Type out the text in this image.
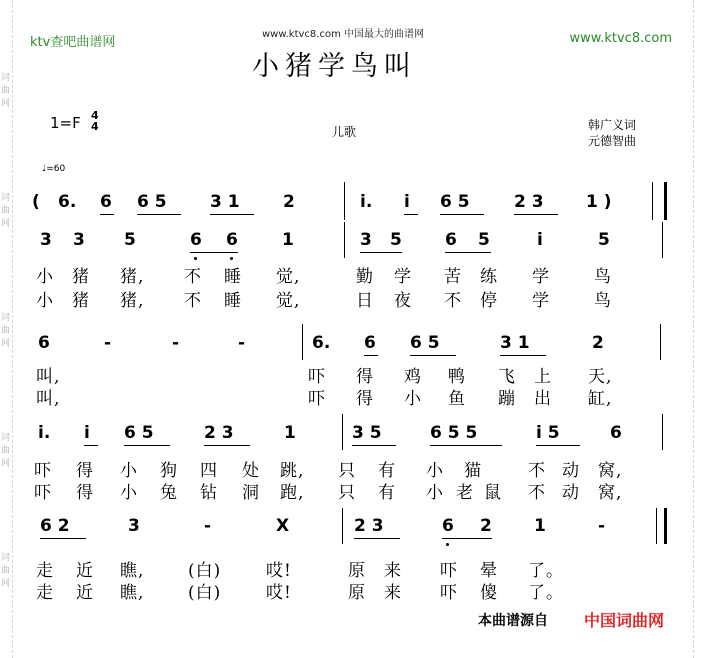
词曲网
词曲网
词曲网
词曲网
词曲网
ktv查吧曲谱网	www.ktvc8.com
www.ktvc8.com 中国最大的曲谱网
小猪学鸟叫
1=F 4
4	儿歌	韩广义词
元德智曲
♩=60
( 6. 6 6 5	3 1	2	i. i 6 5	2 3 1 )
3 3 5	6 6	1	3 5	6 5	i	5
小 猪 猪, 不 睡 觉,	勤 学 苦 练 学	鸟
小 猪 猪, 不 睡 觉,	日 夜 不 停 学	鸟
6	-	-	-	6. 6 6 5	3 1	2
叫,	吓 得 鸡 鸭 飞 上 天,
叫,	吓 得 小 鱼 蹦 出 缸,
i. i 6 5	2 3	1	3 5	6 5 5	i 5	6
吓 得 小 狗 四 处 跳, 只 有 小 猫	不 动 窝,
吓 得 小 兔 钻 洞 跑, 只 有 小 老 鼠 不 动 窝,
6 2	3	-	X	2 3	6 2 1	-
走 近 瞧,	(白)	哎!	原 来 吓 晕 了。
走 近 瞧,	(白)	哎!	原 来 吓 傻 了。
本曲谱源自 中国词曲网
